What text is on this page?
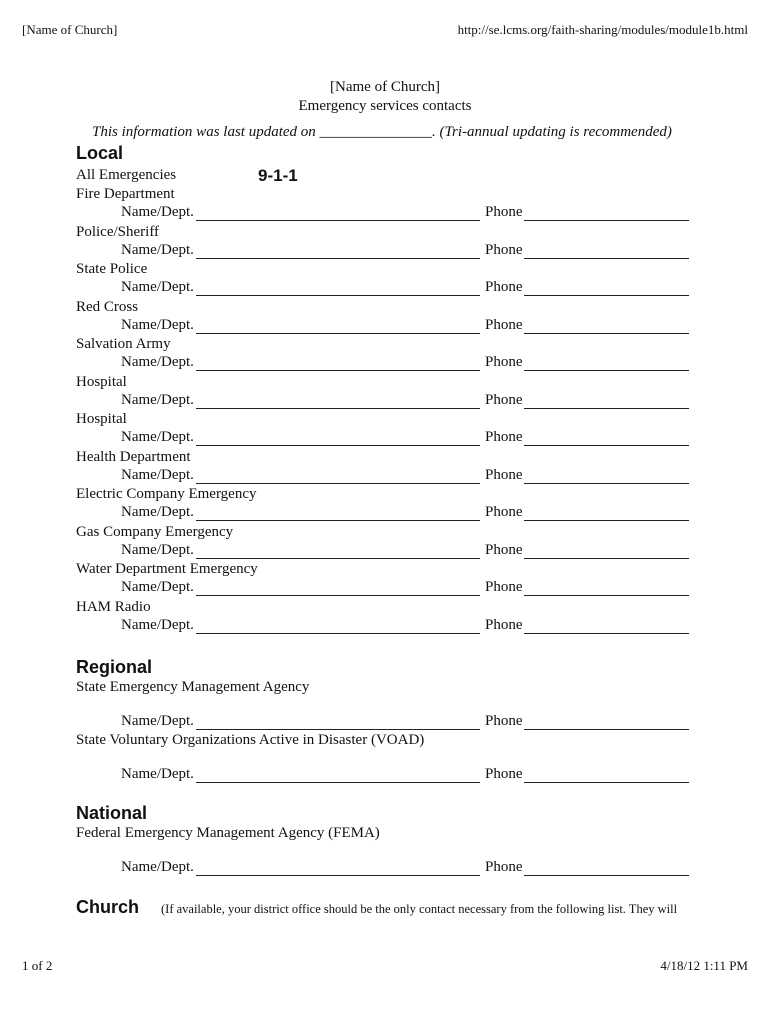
[Name of Church]	http://se.lcms.org/faith-sharing/modules/module1b.html
[Name of Church]
Emergency services contacts
This information was last updated on _______________. (Tri-annual updating is recommended)
Local
All Emergencies	9-1-1
Fire Department
Name/Dept.	Phone
Police/Sheriff
Name/Dept.	Phone
State Police
Name/Dept.	Phone
Red Cross
Name/Dept.	Phone
Salvation Army
Name/Dept.	Phone
Hospital
Name/Dept.	Phone
Hospital
Name/Dept.	Phone
Health Department
Name/Dept.	Phone
Electric Company Emergency
Name/Dept.	Phone
Gas Company Emergency
Name/Dept.	Phone
Water Department Emergency
Name/Dept.	Phone
HAM Radio
Name/Dept.	Phone
Regional
State Emergency Management Agency
Name/Dept.	Phone
State Voluntary Organizations Active in Disaster (VOAD)
Name/Dept.	Phone
National
Federal Emergency Management Agency (FEMA)
Name/Dept.	Phone
Church (If available, your district office should be the only contact necessary from the following list. They will
1 of 2	4/18/12 1:11 PM
